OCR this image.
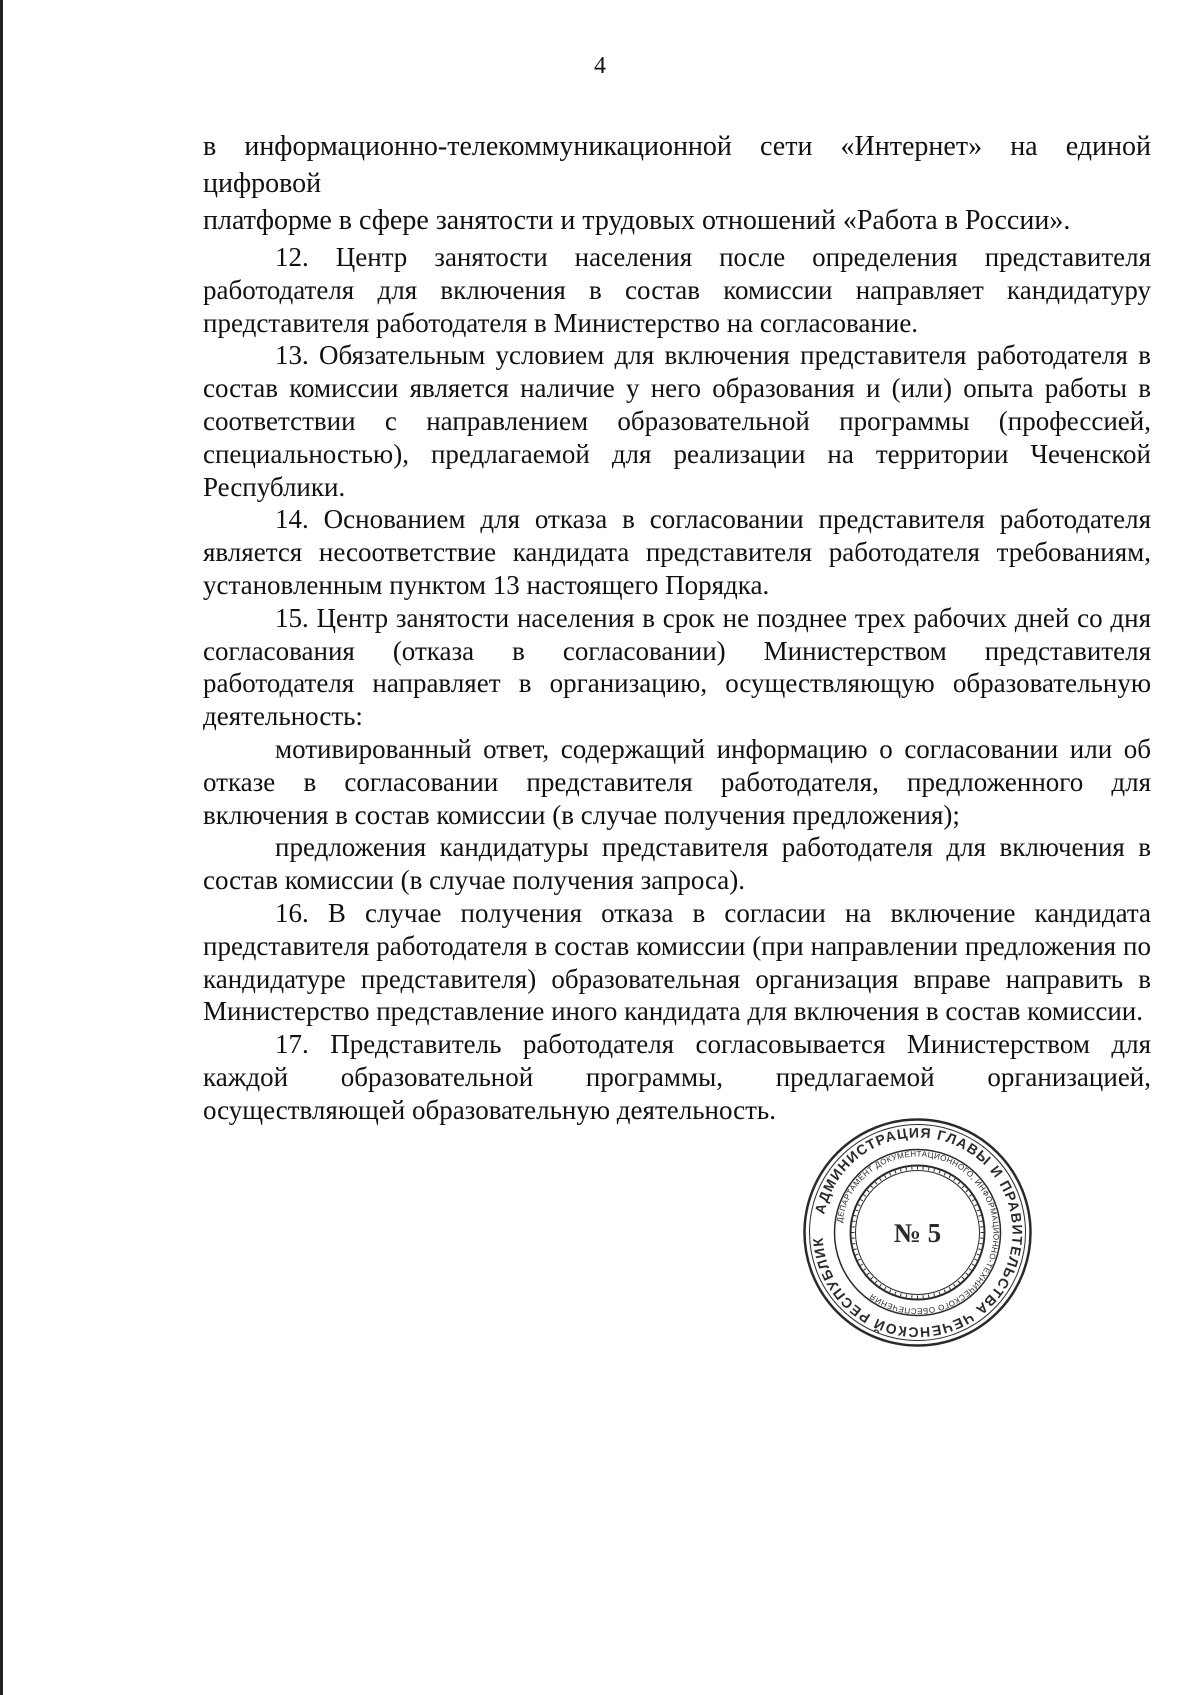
4

в информационно-телекоммуникационной сети «Интернет» на единой цифровой

платформе в сфере занятости и трудовых отношений «Работа в России».

12. Центр занятости населения после определения представителя работодателя для включения в состав комиссии направляет кандидатуру представителя работодателя в Министерство на согласование.

13. Обязательным условием для включения представителя работодателя в состав комиссии является наличие у него образования и (или) опыта работы в соответствии с направлением образовательной программы (профессией, специальностью), предлагаемой для реализации на территории Чеченской Республики.

14. Основанием для отказа в согласовании представителя работодателя является несоответствие кандидата представителя работодателя требованиям, установленным пунктом 13 настоящего Порядка.

15. Центр занятости населения в срок не позднее трех рабочих дней со дня согласования (отказа в согласовании) Министерством представителя работодателя направляет в организацию, осуществляющую образовательную деятельность:

мотивированный ответ, содержащий информацию о согласовании или об отказе в согласовании представителя работодателя, предложенного для включения в состав комиссии (в случае получения предложения);

предложения кандидатуры представителя работодателя для включения в состав комиссии (в случае получения запроса).

16. В случае получения отказа в согласии на включение кандидата представителя работодателя в состав комиссии (при направлении предложения по кандидатуре представителя) образовательная организация вправе направить в Министерство представление иного кандидата для включения в состав комиссии.

17. Представитель работодателя согласовывается Министерством для каждой образовательной программы, предлагаемой организацией, осуществляющей образовательную деятельность.

АДМИНИСТРАЦИЯ ГЛАВЫ И ПРАВИТЕЛЬСТВА ЧЕЧЕНСКОЙ РЕСПУБЛИК
ДЕПАРТАМЕНТ ДОКУМЕНТАЦИОННОГО, ИНФОРМАЦИОННО-ТЕХНИЧЕСКОГО ОБЕСПЕЧЕНИЯ
№ 5
